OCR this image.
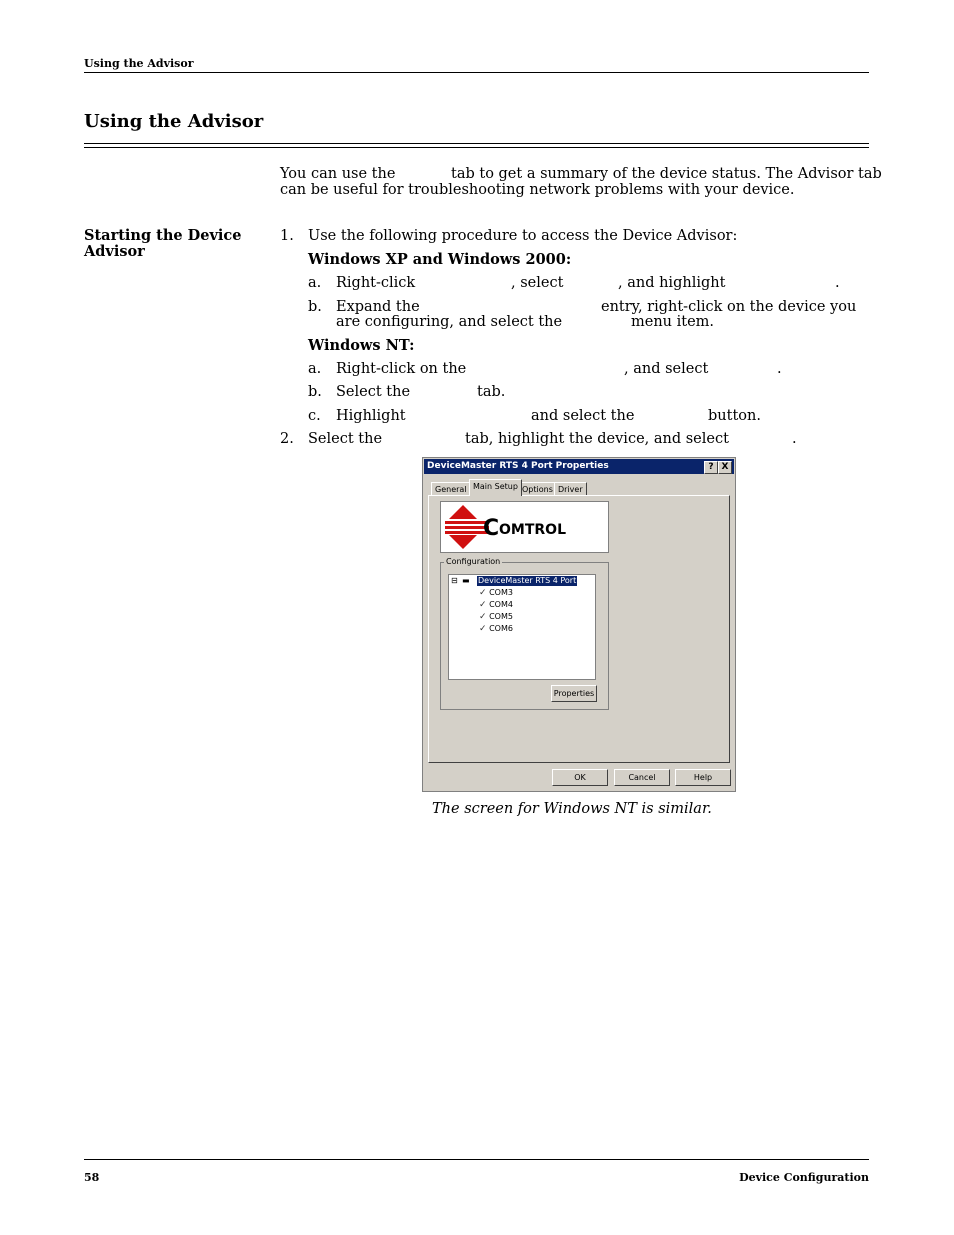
Using the Advisor
Using the Advisor
You can use the	tab to get a summary of the device status. The Advisor tab
can be useful for troubleshooting network problems with your device.
Starting the Device Advisor
1. Use the following procedure to access the Device Advisor:
Windows XP and Windows 2000:
a. Right-click	, select	, and highlight	.
b. Expand the	entry, right-click on the device you
are configuring, and select the	menu item.
Windows NT:
a. Right-click on the	, and select	.
b. Select the	tab.
c. Highlight	and select the	button.
2. Select the	tab, highlight the device, and select	.
DeviceMaster RTS 4 Port Properties	? X
General Main Setup Options Driver
C OMTROL
Configuration
⊟ ▬ DeviceMaster RTS 4 Port
✓ COM3
✓ COM4
✓ COM5
✓ COM6
Properties
OK	Cancel	Help
The screen for Windows NT is similar.
58	Device Configuration
